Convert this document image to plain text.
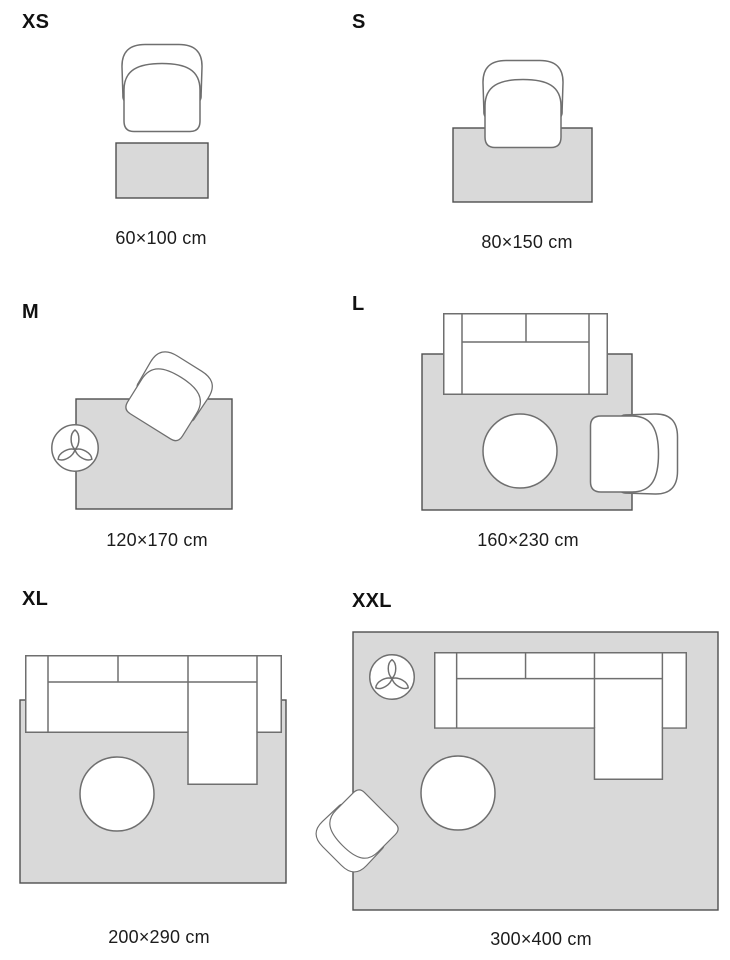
XS	S
M	L
XL	XXL
60×100 cm	80×150 cm
120×170 cm	160×230 cm
200×290 cm	300×400 cm
